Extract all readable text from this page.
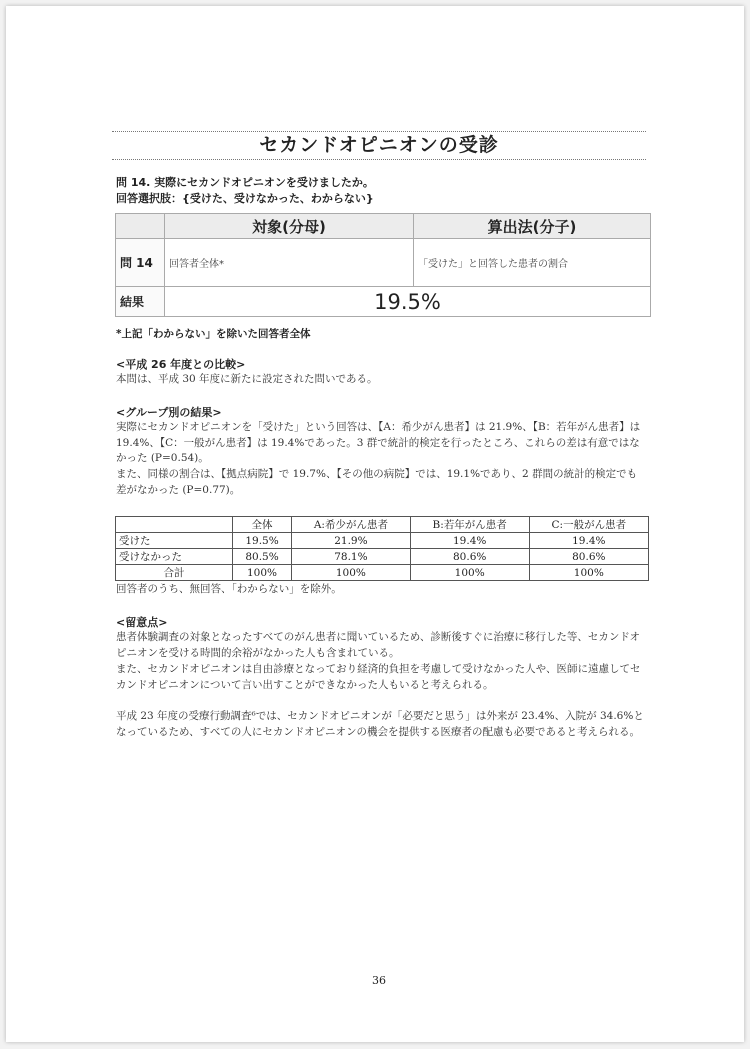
セカンドオピニオンの受診
問 14. 実際にセカンドオピニオンを受けましたか。
回答選択肢：{受けた、受けなかった、わからない}
	対象(分母)	算出法(分子)
問 14	回答者全体*	「受けた」と回答した患者の割合
結果	19.5%	
*上記「わからない」を除いた回答者全体
<平成 26 年度との比較>
本問は、平成 30 年度に新たに設定された問いである。
<グループ別の結果>
実際にセカンドオピニオンを「受けた」という回答は、【A：希少がん患者】は 21.9%、【B：若年がん患者】は 19.4%、【C：一般がん患者】は 19.4%であった。3 群で統計的検定を行ったところ、これらの差は有意ではなかった (P=0.54)。
また、同様の割合は、【拠点病院】で 19.7%、【その他の病院】では、19.1%であり、2 群間の統計的検定でも差がなかった (P=0.77)。
	全体	A:希少がん患者	B:若年がん患者	C:一般がん患者
受けた	19.5%	21.9%	19.4%	19.4%
受けなかった	80.5%	78.1%	80.6%	80.6%
合計	100%	100%	100%	100%
回答者のうち、無回答、「わからない」を除外。
<留意点>
患者体験調査の対象となったすべてのがん患者に聞いているため、診断後すぐに治療に移行した等、セカンドオピニオンを受ける時間的余裕がなかった人も含まれている。
また、セカンドオピニオンは自由診療となっており経済的負担を考慮して受けなかった人や、医師に遠慮してセカンドオピニオンについて言い出すことができなかった人もいると考えられる。
平成 23 年度の受療行動調査⁶では、セカンドオピニオンが「必要だと思う」は外来が 23.4%、入院が 34.6%となっているため、すべての人にセカンドオピニオンの機会を提供する医療者の配慮も必要であると考えられる。
36
